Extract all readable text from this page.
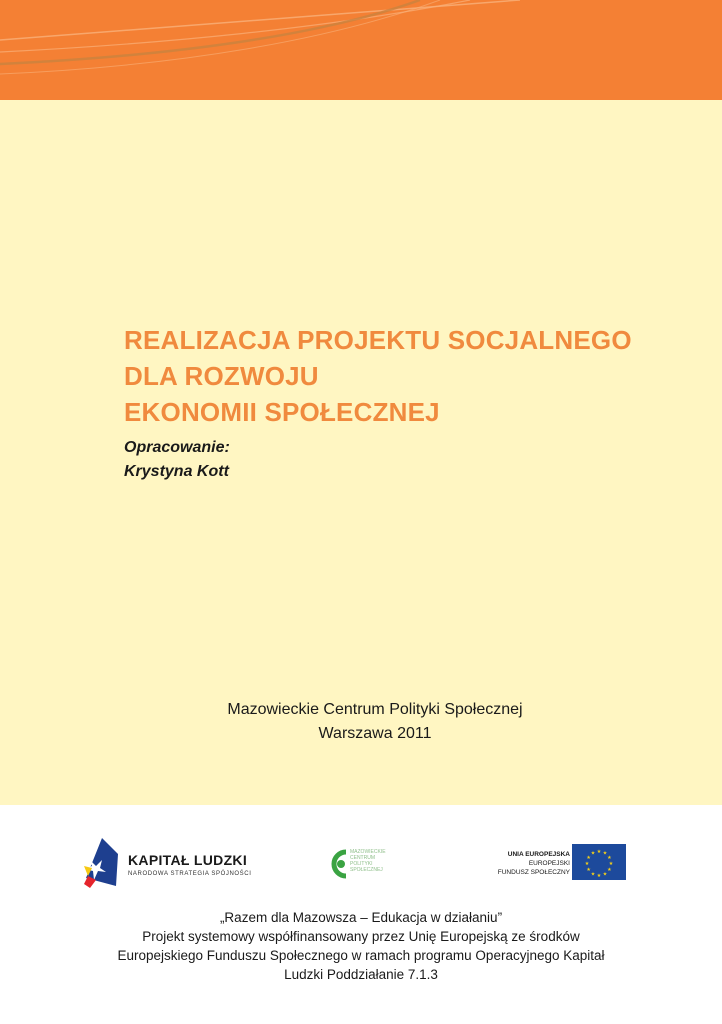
REALIZACJA PROJEKTU SOCJALNEGO
DLA ROZWOJU
EKONOMII SPOŁECZNEJ
Opracowanie:
Krystyna Kott
Mazowieckie Centrum Polityki Społecznej
Warszawa 2011
KAPITAŁ LUDZKI
NARODOWA STRATEGIA SPÓJNOŚCI
MAZOWIECKIE
CENTRUM
POLITYKI
SPOŁECZNEJ
UNIA EUROPEJSKA
EUROPEJSKI
FUNDUSZ SPOŁECZNY
★ ★
★
★
★
★
★
★
★
★
★
★
„Razem dla Mazowsza – Edukacja w działaniu”
Projekt systemowy współfinansowany przez Unię Europejską ze środków
Europejskiego Funduszu Społecznego w ramach programu Operacyjnego Kapitał
Ludzki Poddziałanie 7.1.3
